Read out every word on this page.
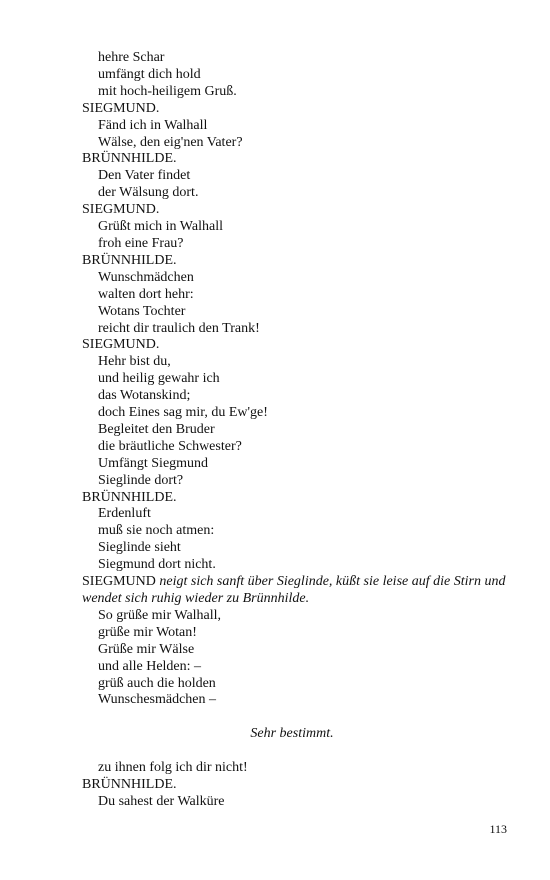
hehre Schar
umfängt dich hold
mit hoch-heiligem Gruß.
SIEGMUND.
Fänd ich in Walhall
Wälse, den eig'nen Vater?
BRÜNNHILDE.
Den Vater findet
der Wälsung dort.
SIEGMUND.
Grüßt mich in Walhall
froh eine Frau?
BRÜNNHILDE.
Wunschmädchen
walten dort hehr:
Wotans Tochter
reicht dir traulich den Trank!
SIEGMUND.
Hehr bist du,
und heilig gewahr ich
das Wotanskind;
doch Eines sag mir, du Ew'ge!
Begleitet den Bruder
die bräutliche Schwester?
Umfängt Siegmund
Sieglinde dort?
BRÜNNHILDE.
Erdenluft
muß sie noch atmen:
Sieglinde sieht
Siegmund dort nicht.
SIEGMUND neigt sich sanft über Sieglinde, küßt sie leise auf die Stirn und wendet sich ruhig wieder zu Brünnhilde.
So grüße mir Walhall,
grüße mir Wotan!
Grüße mir Wälse
und alle Helden: –
grüß auch die holden
Wunschesmädchen –
Sehr bestimmt.
zu ihnen folg ich dir nicht!
BRÜNNHILDE.
Du sahest der Walküre
113
